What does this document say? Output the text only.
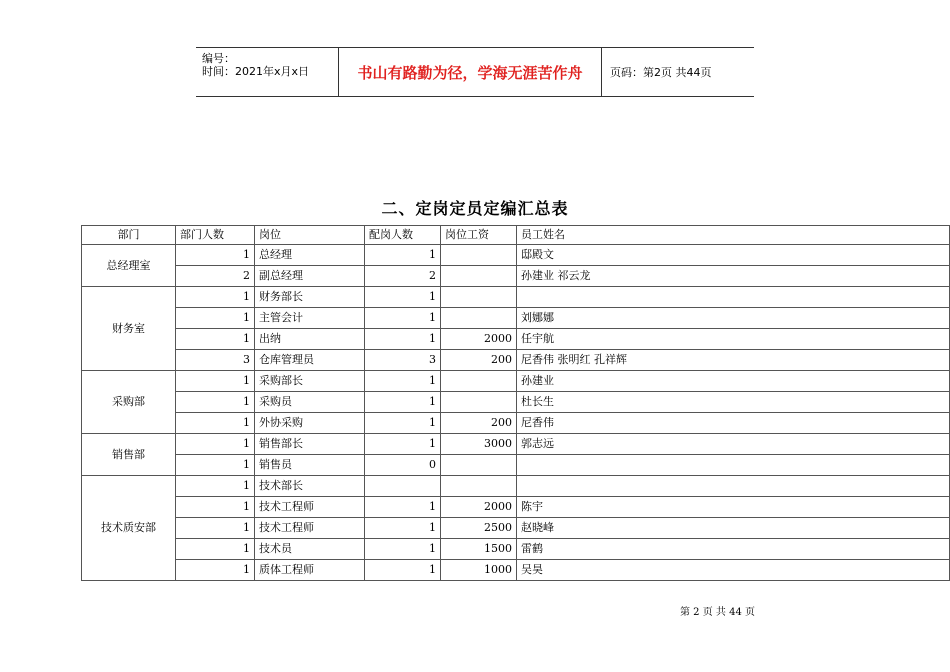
编号：
时间：2021年x月x日	书山有路勤为径，学海无涯苦作舟	页码：第2页 共44页
二、定岗定员定编汇总表
部门	部门人数	岗位	配岗人数	岗位工资	员工姓名
总经理室	1	总经理	1		邸殿文
	2	副总经理	2		孙建业 祁云龙
财务室	1	财务部长	1		
	1	主管会计	1		刘娜娜
	1	出纳	1	2000	任宇航
	3	仓库管理员	3	200	尼香伟 张明红 孔祥辉
采购部	1	采购部长	1		孙建业
	1	采购员	1		杜长生
	1	外协采购	1	200	尼香伟
销售部	1	销售部长	1	3000	郭志远
	1	销售员	0		
技术质安部	1	技术部长			
	1	技术工程师	1	2000	陈宇
	1	技术工程师	1	2500	赵晓峰
	1	技术员	1	1500	雷鹤
	1	质体工程师	1	1000	吴昊
第 2 页 共 44 页
